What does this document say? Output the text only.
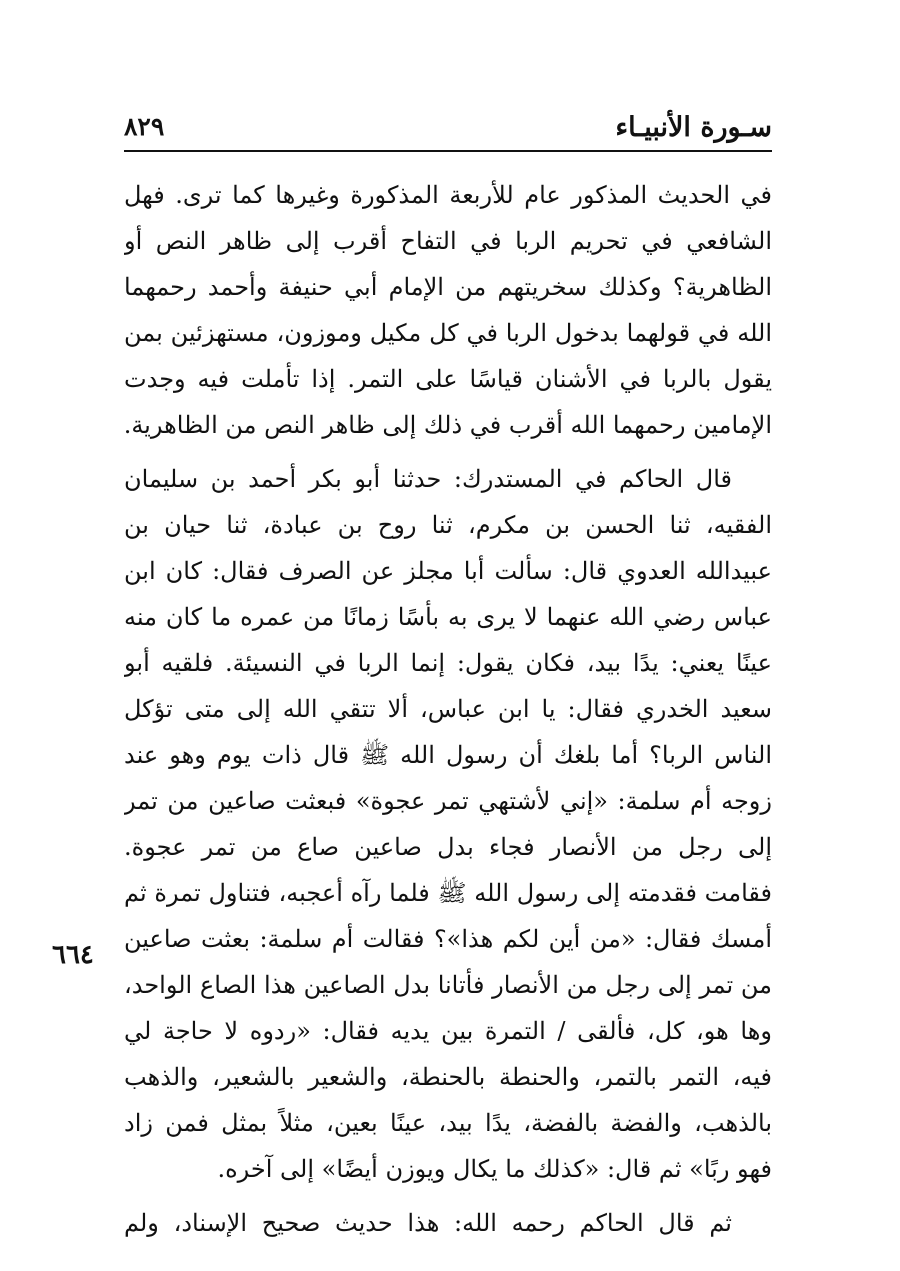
سـورة الأنبيـاء
٨٢٩
٦٦٤
في الحديث المذكور عام للأربعة المذكورة وغيرها كما ترى. فهل
الشافعي في تحريم الربا في التفاح أقرب إلى ظاهر النص أو
الظاهرية؟ وكذلك سخريتهم من الإمام أبي حنيفة وأحمد رحمهما
الله في قولهما بدخول الربا في كل مكيل وموزون، مستهزئين بمن
يقول بالربا في الأشنان قياسًا على التمر. إذا تأملت فيه وجدت
الإمامين رحمهما الله أقرب في ذلك إلى ظاهر النص من الظاهرية.
قال الحاكم في المستدرك: حدثنا أبو بكر أحمد بن سليمان
الفقيه، ثنا الحسن بن مكرم، ثنا روح بن عبادة، ثنا حيان بن
عبيدالله العدوي قال: سألت أبا مجلز عن الصرف فقال: كان ابن
عباس رضي الله عنهما لا يرى به بأسًا زمانًا من عمره ما كان منه
عينًا يعني: يدًا بيد، فكان يقول: إنما الربا في النسيئة. فلقيه أبو
سعيد الخدري فقال: يا ابن عباس، ألا تتقي الله إلى متى تؤكل
الناس الربا؟ أما بلغك أن رسول الله ﷺ قال ذات يوم وهو عند
زوجه أم سلمة: «إني لأشتهي تمر عجوة» فبعثت صاعين من تمر
إلى رجل من الأنصار فجاء بدل صاعين صاع من تمر عجوة.
فقامت فقدمته إلى رسول الله ﷺ فلما رآه أعجبه، فتناول تمرة ثم
أمسك فقال: «من أين لكم هذا»؟ فقالت أم سلمة: بعثت صاعين
من تمر إلى رجل من الأنصار فأتانا بدل الصاعين هذا الصاع الواحد،
وها هو، كل، فألقى / التمرة بين يديه فقال: «ردوه لا حاجة لي
فيه، التمر بالتمر، والحنطة بالحنطة، والشعير بالشعير، والذهب
بالذهب، والفضة بالفضة، يدًا بيد، عينًا بعين، مثلاً بمثل فمن زاد
فهو ربًا» ثم قال: «كذلك ما يكال ويوزن أيضًا» إلى آخره.
ثم قال الحاكم رحمه الله: هذا حديث صحيح الإسناد، ولم
